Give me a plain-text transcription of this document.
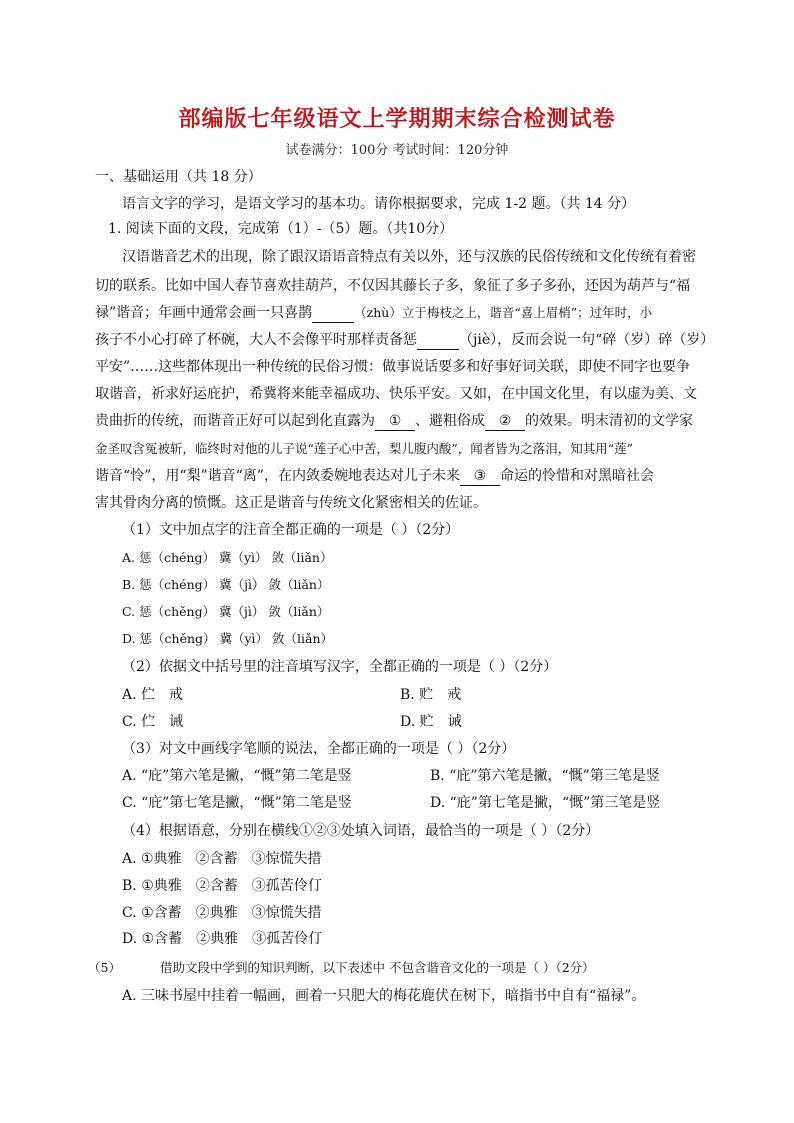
部编版七年级语文上学期期末综合检测试卷
试卷满分：100分 考试时间：120分钟
一、基础运用（共 18 分）
语言文字的学习，是语文学习的基本功。请你根据要求，完成 1-2 题。（共 14 分）
1. 阅读下面的文段，完成第（1）-（5）题。（共10分）
汉语谐音艺术的出现，除了跟汉语语音特点有关以外，还与汉族的民俗传统和文化传统有着密
切的联系。比如中国人春节喜欢挂葫芦，不仅因其藤长子多，象征了多子多孙，还因为葫芦与“福
禄”谐音；年画中通常会画一只喜鹊	（zhù）立于梅枝之上，谐音“喜上眉梢”；过年时，小
孩子不小心打碎了杯碗，大人不会像平时那样责备惩	（jiè），反而会说一句“碎（岁）碎（岁）
平安”……这些都体现出一种传统的民俗习惯：做事说话要多和好事好词关联，即使不同字也要争
取谐音，祈求好运庇护，希冀将来能幸福成功、快乐平安。又如，在中国文化里，有以虚为美、文
贵曲折的传统，而谐音正好可以起到化直露为 ① 、避粗俗成 ② 的效果。明末清初的文学家
金圣叹含冤被斩，临终时对他的儿子说“莲子心中苦，梨儿腹内酸”，闻者皆为之落泪，知其用“莲”
谐音“怜”，用“梨”谐音“离”，在内敛委婉地表达对儿子未来 ③ 命运的怜惜和对黑暗社会
害其骨肉分离的愤慨。这正是谐音与传统文化紧密相关的佐证。
（1）文中加点字的注音全都正确的一项是（ ）（2分）
A. 惩（chéng） 冀（yì） 敛（liǎn）
B. 惩（chéng） 冀（jì） 敛（liǎn）
C. 惩（chěng） 冀（jì） 敛（liǎn）
D. 惩（chěng） 冀（yì） 敛（liǎn）
（2）依据文中括号里的注音填写汉字，全都正确的一项是（ ）（2分）
A. 伫　戒	B. 贮　戒
C. 伫　诫	D. 贮　诫
（3）对文中画线字笔顺的说法，全都正确的一项是（ ）（2分）
A. “庇”第六笔是撇，“慨”第二笔是竖	B. “庇”第六笔是撇，“慨”第三笔是竖
C. “庇”第七笔是撇，“慨”第二笔是竖	D. “庇”第七笔是撇，“慨”第三笔是竖
（4）根据语意，分别在横线①②③处填入词语，最恰当的一项是（ ）（2分）
A. ①典雅　②含蓄　③惊慌失措
B. ①典雅　②含蓄　③孤苦伶仃
C. ①含蓄　②典雅　③惊慌失措
D. ①含蓄　②典雅　③孤苦伶仃
（5）	借助文段中学到的知识判断，以下表述中 不包含谐音文化的一项是（ ）（2分）
A. 三味书屋中挂着一幅画，画着一只肥大的梅花鹿伏在树下，暗指书中自有“福禄”。
